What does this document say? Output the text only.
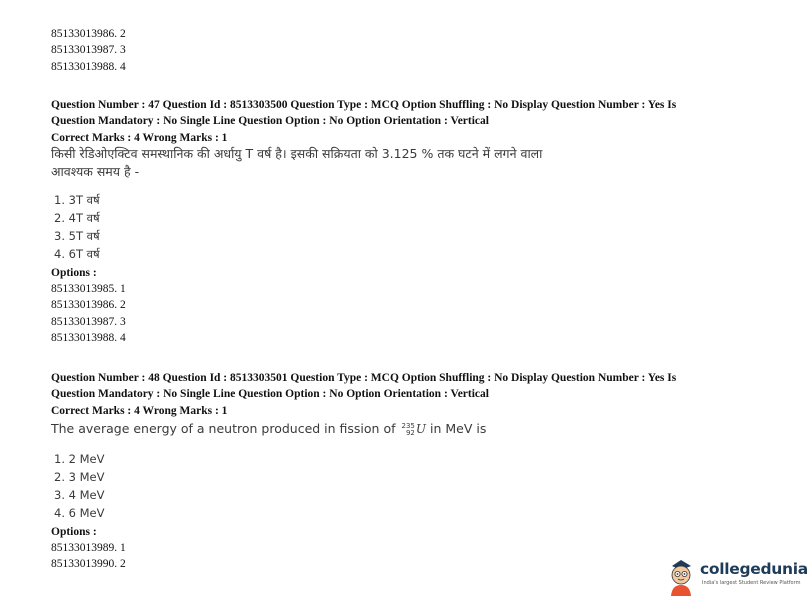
85133013986. 2
85133013987. 3
85133013988. 4
Question Number : 47 Question Id : 8513303500 Question Type : MCQ Option Shuffling : No Display Question Number : Yes Is
Question Mandatory : No Single Line Question Option : No Option Orientation : Vertical
Correct Marks : 4 Wrong Marks : 1
किसी रेडिओएक्टिव समस्थानिक की अर्धायु T वर्ष है। इसकी सक्रियता को 3.125 % तक घटने में लगने वाला
आवश्यक समय है -
1. 3T वर्ष
2. 4T वर्ष
3. 5T वर्ष
4. 6T वर्ष
Options :
85133013985. 1
85133013986. 2
85133013987. 3
85133013988. 4
Question Number : 48 Question Id : 8513303501 Question Type : MCQ Option Shuffling : No Display Question Number : Yes Is
Question Mandatory : No Single Line Question Option : No Option Orientation : Vertical
Correct Marks : 4 Wrong Marks : 1
The average energy of a neutron produced in fission of 235
92 U in MeV is
1. 2 MeV
2. 3 MeV
3. 4 MeV
4. 6 MeV
Options :
85133013989. 1
85133013990. 2	collegedunia
India's largest Student Review Platform
